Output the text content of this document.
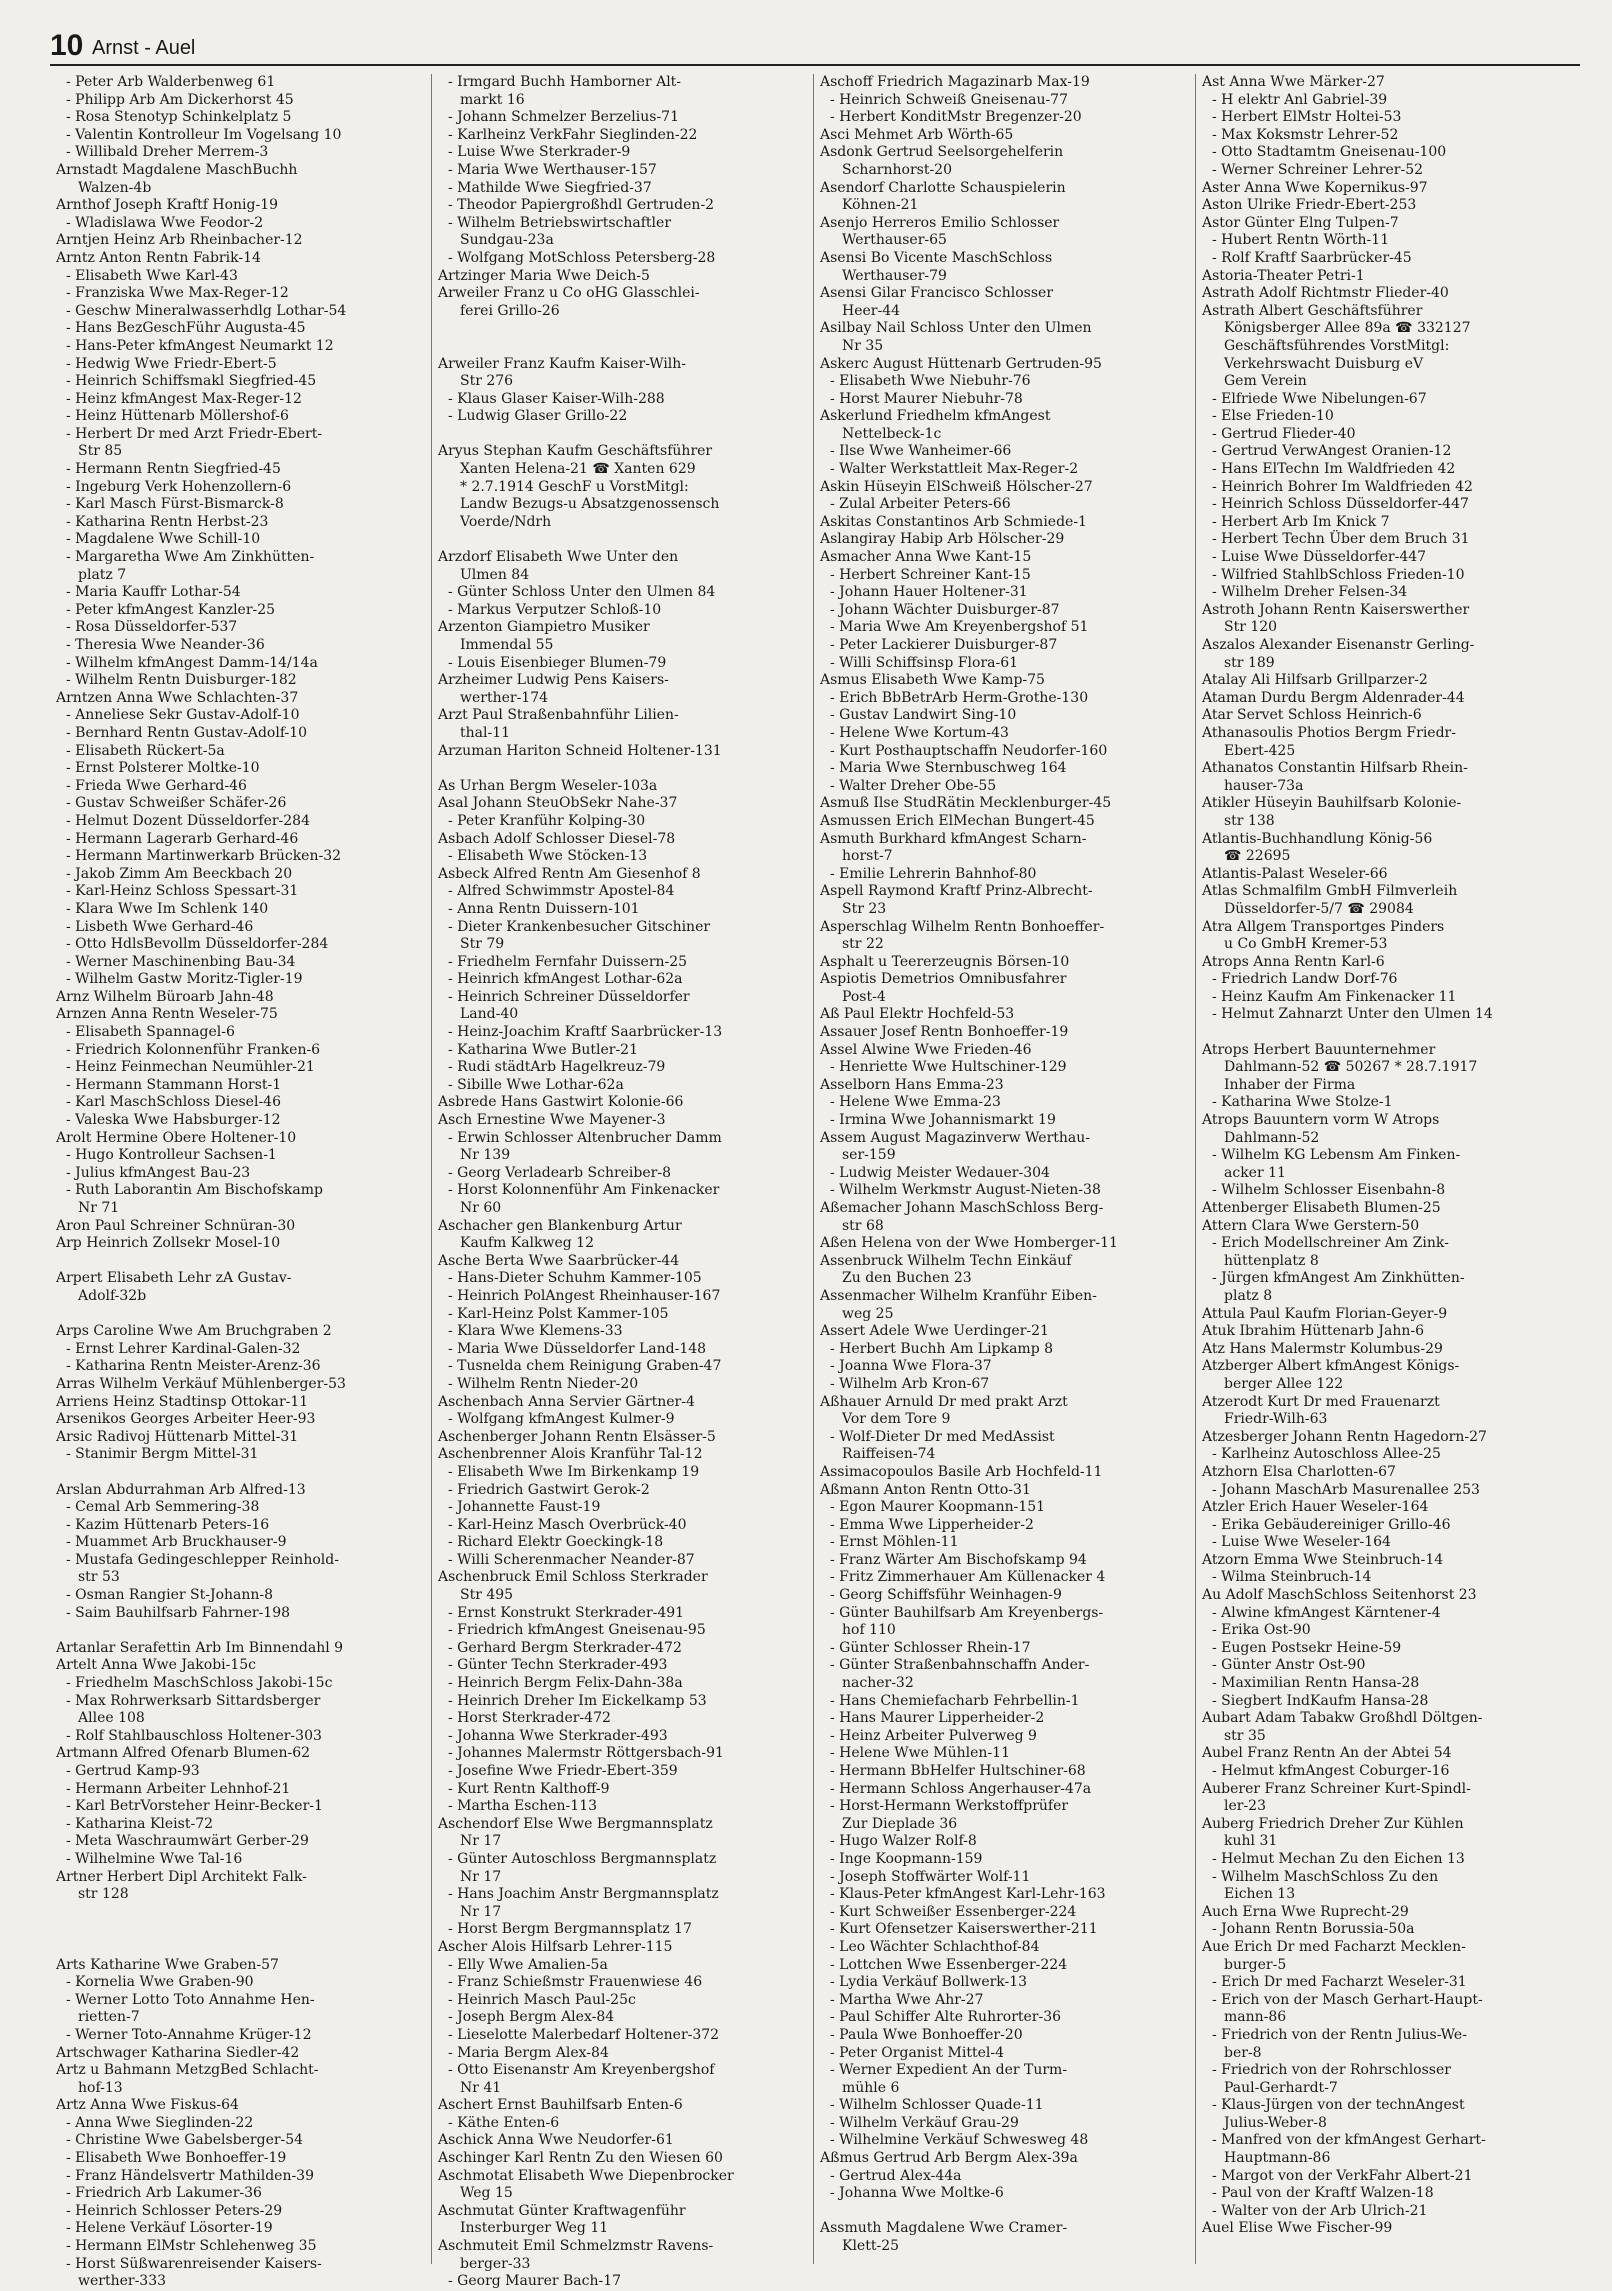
10 Arnst - Auel
- Peter Arb Walderbenweg 61
- Philipp Arb Am Dickerhorst 45
- Rosa Stenotyp Schinkelplatz 5
- Valentin Kontrolleur Im Vogelsang 10
- Willibald Dreher Merrem-3
Arnstadt Magdalene MaschBuchh
Walzen-4b
Arnthof Joseph Kraftf Honig-19
- Wladislawa Wwe Feodor-2
Arntjen Heinz Arb Rheinbacher-12
Arntz Anton Rentn Fabrik-14
- Elisabeth Wwe Karl-43
- Franziska Wwe Max-Reger-12
- Geschw Mineralwasserhdlg Lothar-54
- Hans BezGeschFühr Augusta-45
- Hans-Peter kfmAngest Neumarkt 12
- Hedwig Wwe Friedr-Ebert-5
- Heinrich Schiffsmakl Siegfried-45
- Heinz kfmAngest Max-Reger-12
- Heinz Hüttenarb Möllershof-6
- Herbert Dr med Arzt Friedr-Ebert-
Str 85
- Hermann Rentn Siegfried-45
- Ingeburg Verk Hohenzollern-6
- Karl Masch Fürst-Bismarck-8
- Katharina Rentn Herbst-23
- Magdalene Wwe Schill-10
- Margaretha Wwe Am Zinkhütten-
platz 7
- Maria Kauffr Lothar-54
- Peter kfmAngest Kanzler-25
- Rosa Düsseldorfer-537
- Theresia Wwe Neander-36
- Wilhelm kfmAngest Damm-14/14a
- Wilhelm Rentn Duisburger-182
Arntzen Anna Wwe Schlachten-37
- Anneliese Sekr Gustav-Adolf-10
- Bernhard Rentn Gustav-Adolf-10
- Elisabeth Rückert-5a
- Ernst Polsterer Moltke-10
- Frieda Wwe Gerhard-46
- Gustav Schweißer Schäfer-26
- Helmut Dozent Düsseldorfer-284
- Hermann Lagerarb Gerhard-46
- Hermann Martinwerkarb Brücken-32
- Jakob Zimm Am Beeckbach 20
- Karl-Heinz Schloss Spessart-31
- Klara Wwe Im Schlenk 140
- Lisbeth Wwe Gerhard-46
- Otto HdlsBevollm Düsseldorfer-284
- Werner Maschinenbing Bau-34
- Wilhelm Gastw Moritz-Tigler-19
Arnz Wilhelm Büroarb Jahn-48
Arnzen Anna Rentn Weseler-75
- Elisabeth Spannagel-6
- Friedrich Kolonnenführ Franken-6
- Heinz Feinmechan Neumühler-21
- Hermann Stammann Horst-1
- Karl MaschSchloss Diesel-46
- Valeska Wwe Habsburger-12
Arolt Hermine Obere Holtener-10
- Hugo Kontrolleur Sachsen-1
- Julius kfmAngest Bau-23
- Ruth Laborantin Am Bischofskamp
Nr 71
Aron Paul Schreiner Schnüran-30
Arp Heinrich Zollsekr Mosel-10

Arpert Elisabeth Lehr zA Gustav-
Adolf-32b

Arps Caroline Wwe Am Bruchgraben 2
- Ernst Lehrer Kardinal-Galen-32
- Katharina Rentn Meister-Arenz-36
Arras Wilhelm Verkäuf Mühlenberger-53
Arriens Heinz Stadtinsp Ottokar-11
Arsenikos Georges Arbeiter Heer-93
Arsic Radivoj Hüttenarb Mittel-31
- Stanimir Bergm Mittel-31

Arslan Abdurrahman Arb Alfred-13
- Cemal Arb Semmering-38
- Kazim Hüttenarb Peters-16
- Muammet Arb Bruckhauser-9
- Mustafa Gedingeschlepper Reinhold-
str 53
- Osman Rangier St-Johann-8
- Saim Bauhilfsarb Fahrner-198

Artanlar Serafettin Arb Im Binnendahl 9
Artelt Anna Wwe Jakobi-15c
- Friedhelm MaschSchloss Jakobi-15c
- Max Rohrwerksarb Sittardsberger
Allee 108
- Rolf Stahlbauschloss Holtener-303
Artmann Alfred Ofenarb Blumen-62
- Gertrud Kamp-93
- Hermann Arbeiter Lehnhof-21
- Karl BetrVorsteher Heinr-Becker-1
- Katharina Kleist-72
- Meta Waschraumwärt Gerber-29
- Wilhelmine Wwe Tal-16
Artner Herbert Dipl Architekt Falk-
str 128

Arts Katharine Wwe Graben-57
- Kornelia Wwe Graben-90
- Werner Lotto Toto Annahme Hen-
rietten-7
- Werner Toto-Annahme Krüger-12
Artschwager Katharina Siedler-42
Artz u Bahmann MetzgBed Schlacht-
hof-13
Artz Anna Wwe Fiskus-64
- Anna Wwe Sieglinden-22
- Christine Wwe Gabelsberger-54
- Elisabeth Wwe Bonhoeffer-19
- Franz Händelsvertr Mathilden-39
- Friedrich Arb Lakumer-36
- Heinrich Schlosser Peters-29
- Helene Verkäuf Lösorter-19
- Hermann ElMstr Schlehenweg 35
- Horst Süßwarenreisender Kaisers-
werther-333
- Irmgard Buchh Hamborner Alt-
markt 16
- Johann Schmelzer Berzelius-71
- Karlheinz VerkFahr Sieglinden-22
- Luise Wwe Sterkrader-9
- Maria Wwe Werthauser-157
- Mathilde Wwe Siegfried-37
- Theodor Papiergroßhdl Gertruden-2
- Wilhelm Betriebswirtschaftler
Sundgau-23a
- Wolfgang MotSchloss Petersberg-28
Artzinger Maria Wwe Deich-5
Arweiler Franz u Co oHG Glasschlei-
ferei Grillo-26

Arweiler Franz Kaufm Kaiser-Wilh-
Str 276
- Klaus Glaser Kaiser-Wilh-288
- Ludwig Glaser Grillo-22

Aryus Stephan Kaufm Geschäftsführer
Xanten Helena-21 ☎ Xanten 629
* 2.7.1914 GeschF u VorstMitgl:
Landw Bezugs-u Absatzgenossensch
Voerde/Ndrh

Arzdorf Elisabeth Wwe Unter den
Ulmen 84
- Günter Schloss Unter den Ulmen 84
- Markus Verputzer Schloß-10
Arzenton Giampietro Musiker
Immendal 55
- Louis Eisenbieger Blumen-79
Arzheimer Ludwig Pens Kaisers-
werther-174
Arzt Paul Straßenbahnführ Lilien-
thal-11
Arzuman Hariton Schneid Holtener-131

As Urhan Bergm Weseler-103a
Asal Johann SteuObSekr Nahe-37
- Peter Kranführ Kolping-30
Asbach Adolf Schlosser Diesel-78
- Elisabeth Wwe Stöcken-13
Asbeck Alfred Rentn Am Giesenhof 8
- Alfred Schwimmstr Apostel-84
- Anna Rentn Duissern-101
- Dieter Krankenbesucher Gitschiner
Str 79
- Friedhelm Fernfahr Duissern-25
- Heinrich kfmAngest Lothar-62a
- Heinrich Schreiner Düsseldorfer
Land-40
- Heinz-Joachim Kraftf Saarbrücker-13
- Katharina Wwe Butler-21
- Rudi städtArb Hagelkreuz-79
- Sibille Wwe Lothar-62a
Asbrede Hans Gastwirt Kolonie-66
Asch Ernestine Wwe Mayener-3
- Erwin Schlosser Altenbrucher Damm
Nr 139
- Georg Verladearb Schreiber-8
- Horst Kolonnenführ Am Finkenacker
Nr 60
Aschacher gen Blankenburg Artur
Kaufm Kalkweg 12
Asche Berta Wwe Saarbrücker-44
- Hans-Dieter Schuhm Kammer-105
- Heinrich PolAngest Rheinhauser-167
- Karl-Heinz Polst Kammer-105
- Klara Wwe Klemens-33
- Maria Wwe Düsseldorfer Land-148
- Tusnelda chem Reinigung Graben-47
- Wilhelm Rentn Nieder-20
Aschenbach Anna Servier Gärtner-4
- Wolfgang kfmAngest Kulmer-9
Aschenberger Johann Rentn Elsässer-5
Aschenbrenner Alois Kranführ Tal-12
- Elisabeth Wwe Im Birkenkamp 19
- Friedrich Gastwirt Gerok-2
- Johannette Faust-19
- Karl-Heinz Masch Overbrück-40
- Richard Elektr Goeckingk-18
- Willi Scherenmacher Neander-87
Aschenbruck Emil Schloss Sterkrader
Str 495
- Ernst Konstrukt Sterkrader-491
- Friedrich kfmAngest Gneisenau-95
- Gerhard Bergm Sterkrader-472
- Günter Techn Sterkrader-493
- Heinrich Bergm Felix-Dahn-38a
- Heinrich Dreher Im Eickelkamp 53
- Horst Sterkrader-472
- Johanna Wwe Sterkrader-493
- Johannes Malermstr Röttgersbach-91
- Josefine Wwe Friedr-Ebert-359
- Kurt Rentn Kalthoff-9
- Martha Eschen-113
Aschendorf Else Wwe Bergmannsplatz
Nr 17
- Günter Autoschloss Bergmannsplatz
Nr 17
- Hans Joachim Anstr Bergmannsplatz
Nr 17
- Horst Bergm Bergmannsplatz 17
Ascher Alois Hilfsarb Lehrer-115
- Elly Wwe Amalien-5a
- Franz Schießmstr Frauenwiese 46
- Heinrich Masch Paul-25c
- Joseph Bergm Alex-84
- Lieselotte Malerbedarf Holtener-372
- Maria Bergm Alex-84
- Otto Eisenanstr Am Kreyenbergshof
Nr 41
Aschert Ernst Bauhilfsarb Enten-6
- Käthe Enten-6
Aschick Anna Wwe Neudorfer-61
Aschinger Karl Rentn Zu den Wiesen 60
Aschmotat Elisabeth Wwe Diepenbrocker
Weg 15
Aschmutat Günter Kraftwagenführ
Insterburger Weg 11
Aschmuteit Emil Schmelzmstr Ravens-
berger-33
- Georg Maurer Bach-17
Aschoff Friedrich Magazinarb Max-19
- Heinrich Schweiß Gneisenau-77
- Herbert KonditMstr Bregenzer-20
Asci Mehmet Arb Wörth-65
Asdonk Gertrud Seelsorgehelferin
Scharnhorst-20
Asendorf Charlotte Schauspielerin
Köhnen-21
Asenjo Herreros Emilio Schlosser
Werthauser-65
Asensi Bo Vicente MaschSchloss
Werthauser-79
Asensi Gilar Francisco Schlosser
Heer-44
Asilbay Nail Schloss Unter den Ulmen
Nr 35
Askerc August Hüttenarb Gertruden-95
- Elisabeth Wwe Niebuhr-76
- Horst Maurer Niebuhr-78
Askerlund Friedhelm kfmAngest
Nettelbeck-1c
- Ilse Wwe Wanheimer-66
- Walter Werkstattleit Max-Reger-2
Askin Hüseyin ElSchweiß Hölscher-27
- Zulal Arbeiter Peters-66
Askitas Constantinos Arb Schmiede-1
Aslangiray Habip Arb Hölscher-29
Asmacher Anna Wwe Kant-15
- Herbert Schreiner Kant-15
- Johann Hauer Holtener-31
- Johann Wächter Duisburger-87
- Maria Wwe Am Kreyenbergshof 51
- Peter Lackierer Duisburger-87
- Willi Schiffsinsp Flora-61
Asmus Elisabeth Wwe Kamp-75
- Erich BbBetrArb Herm-Grothe-130
- Gustav Landwirt Sing-10
- Helene Wwe Kortum-43
- Kurt Posthauptschaffn Neudorfer-160
- Maria Wwe Sternbuschweg 164
- Walter Dreher Obe-55
Asmuß Ilse StudRätin Mecklenburger-45
Asmussen Erich ElMechan Bungert-45
Asmuth Burkhard kfmAngest Scharn-
horst-7
- Emilie Lehrerin Bahnhof-80
Aspell Raymond Kraftf Prinz-Albrecht-
Str 23
Asperschlag Wilhelm Rentn Bonhoeffer-
str 22
Asphalt u Teererzeugnis Börsen-10
Aspiotis Demetrios Omnibusfahrer
Post-4
Aß Paul Elektr Hochfeld-53
Assauer Josef Rentn Bonhoeffer-19
Assel Alwine Wwe Frieden-46
- Henriette Wwe Hultschiner-129
Asselborn Hans Emma-23
- Helene Wwe Emma-23
- Irmina Wwe Johannismarkt 19
Assem August Magazinverw Werthau-
ser-159
- Ludwig Meister Wedauer-304
- Wilhelm Werkmstr August-Nieten-38
Aßemacher Johann MaschSchloss Berg-
str 68
Aßen Helena von der Wwe Homberger-11
Assenbruck Wilhelm Techn Einkäuf
Zu den Buchen 23
Assenmacher Wilhelm Kranführ Eiben-
weg 25
Assert Adele Wwe Uerdinger-21
- Herbert Buchh Am Lipkamp 8
- Joanna Wwe Flora-37
- Wilhelm Arb Kron-67
Aßhauer Arnuld Dr med prakt Arzt
Vor dem Tore 9
- Wolf-Dieter Dr med MedAssist
Raiffeisen-74
Assimacopoulos Basile Arb Hochfeld-11
Aßmann Anton Rentn Otto-31
- Egon Maurer Koopmann-151
- Emma Wwe Lipperheider-2
- Ernst Möhlen-11
- Franz Wärter Am Bischofskamp 94
- Fritz Zimmerhauer Am Küllenacker 4
- Georg Schiffsführ Weinhagen-9
- Günter Bauhilfsarb Am Kreyenbergs-
hof 110
- Günter Schlosser Rhein-17
- Günter Straßenbahnschaffn Ander-
nacher-32
- Hans Chemiefacharb Fehrbellin-1
- Hans Maurer Lipperheider-2
- Heinz Arbeiter Pulverweg 9
- Helene Wwe Mühlen-11
- Hermann BbHelfer Hultschiner-68
- Hermann Schloss Angerhauser-47a
- Horst-Hermann Werkstoffprüfer
Zur Dieplade 36
- Hugo Walzer Rolf-8
- Inge Koopmann-159
- Joseph Stoffwärter Wolf-11
- Klaus-Peter kfmAngest Karl-Lehr-163
- Kurt Schweißer Essenberger-224
- Kurt Ofensetzer Kaiserswerther-211
- Leo Wächter Schlachthof-84
- Lottchen Wwe Essenberger-224
- Lydia Verkäuf Bollwerk-13
- Martha Wwe Ahr-27
- Paul Schiffer Alte Ruhrorter-36
- Paula Wwe Bonhoeffer-20
- Peter Organist Mittel-4
- Werner Expedient An der Turm-
mühle 6
- Wilhelm Schlosser Quade-11
- Wilhelm Verkäuf Grau-29
- Wilhelmine Verkäuf Schwesweg 48
Aßmus Gertrud Arb Bergm Alex-39a
- Gertrud Alex-44a
- Johanna Wwe Moltke-6

Assmuth Magdalene Wwe Cramer-
Klett-25
Ast Anna Wwe Märker-27
- H elektr Anl Gabriel-39
- Herbert ElMstr Holtei-53
- Max Koksmstr Lehrer-52
- Otto Stadtamtm Gneisenau-100
- Werner Schreiner Lehrer-52
Aster Anna Wwe Kopernikus-97
Aston Ulrike Friedr-Ebert-253
Astor Günter Elng Tulpen-7
- Hubert Rentn Wörth-11
- Rolf Kraftf Saarbrücker-45
Astoria-Theater Petri-1
Astrath Adolf Richtmstr Flieder-40
Astrath Albert Geschäftsführer
Königsberger Allee 89a ☎ 332127
Geschäftsführendes VorstMitgl:
Verkehrswacht Duisburg eV
Gem Verein
- Elfriede Wwe Nibelungen-67
- Else Frieden-10
- Gertrud Flieder-40
- Gertrud VerwAngest Oranien-12
- Hans ElTechn Im Waldfrieden 42
- Heinrich Bohrer Im Waldfrieden 42
- Heinrich Schloss Düsseldorfer-447
- Herbert Arb Im Knick 7
- Herbert Techn Über dem Bruch 31
- Luise Wwe Düsseldorfer-447
- Wilfried StahlbSchloss Frieden-10
- Wilhelm Dreher Felsen-34
Astroth Johann Rentn Kaiserswerther
Str 120
Aszalos Alexander Eisenanstr Gerling-
str 189
Atalay Ali Hilfsarb Grillparzer-2
Ataman Durdu Bergm Aldenrader-44
Atar Servet Schloss Heinrich-6
Athanasoulis Photios Bergm Friedr-
Ebert-425
Athanatos Constantin Hilfsarb Rhein-
hauser-73a
Atikler Hüseyin Bauhilfsarb Kolonie-
str 138
Atlantis-Buchhandlung König-56
☎ 22695
Atlantis-Palast Weseler-66
Atlas Schmalfilm GmbH Filmverleih
Düsseldorfer-5/7 ☎ 29084
Atra Allgem Transportges Pinders
u Co GmbH Kremer-53
Atrops Anna Rentn Karl-6
- Friedrich Landw Dorf-76
- Heinz Kaufm Am Finkenacker 11
- Helmut Zahnarzt Unter den Ulmen 14

Atrops Herbert Bauunternehmer
Dahlmann-52 ☎ 50267 * 28.7.1917
Inhaber der Firma
- Katharina Wwe Stolze-1
Atrops Bauuntern vorm W Atrops
Dahlmann-52
- Wilhelm KG Lebensm Am Finken-
acker 11
- Wilhelm Schlosser Eisenbahn-8
Attenberger Elisabeth Blumen-25
Attern Clara Wwe Gerstern-50
- Erich Modellschreiner Am Zink-
hüttenplatz 8
- Jürgen kfmAngest Am Zinkhütten-
platz 8
Attula Paul Kaufm Florian-Geyer-9
Atuk Ibrahim Hüttenarb Jahn-6
Atz Hans Malermstr Kolumbus-29
Atzberger Albert kfmAngest Königs-
berger Allee 122
Atzerodt Kurt Dr med Frauenarzt
Friedr-Wilh-63
Atzesberger Johann Rentn Hagedorn-27
- Karlheinz Autoschloss Allee-25
Atzhorn Elsa Charlotten-67
- Johann MaschArb Masurenallee 253
Atzler Erich Hauer Weseler-164
- Erika Gebäudereiniger Grillo-46
- Luise Wwe Weseler-164
Atzorn Emma Wwe Steinbruch-14
- Wilma Steinbruch-14
Au Adolf MaschSchloss Seitenhorst 23
- Alwine kfmAngest Kärntener-4
- Erika Ost-90
- Eugen Postsekr Heine-59
- Günter Anstr Ost-90
- Maximilian Rentn Hansa-28
- Siegbert IndKaufm Hansa-28
Aubart Adam Tabakw Großhdl Döltgen-
str 35
Aubel Franz Rentn An der Abtei 54
- Helmut kfmAngest Coburger-16
Auberer Franz Schreiner Kurt-Spindl-
ler-23
Auberg Friedrich Dreher Zur Kühlen
kuhl 31
- Helmut Mechan Zu den Eichen 13
- Wilhelm MaschSchloss Zu den
Eichen 13
Auch Erna Wwe Ruprecht-29
- Johann Rentn Borussia-50a
Aue Erich Dr med Facharzt Mecklen-
burger-5
- Erich Dr med Facharzt Weseler-31
- Erich von der Masch Gerhart-Haupt-
mann-86
- Friedrich von der Rentn Julius-We-
ber-8
- Friedrich von der Rohrschlosser
Paul-Gerhardt-7
- Klaus-Jürgen von der technAngest
Julius-Weber-8
- Manfred von der kfmAngest Gerhart-
Hauptmann-86
- Margot von der VerkFahr Albert-21
- Paul von der Kraftf Walzen-18
- Walter von der Arb Ulrich-21
Auel Elise Wwe Fischer-99
